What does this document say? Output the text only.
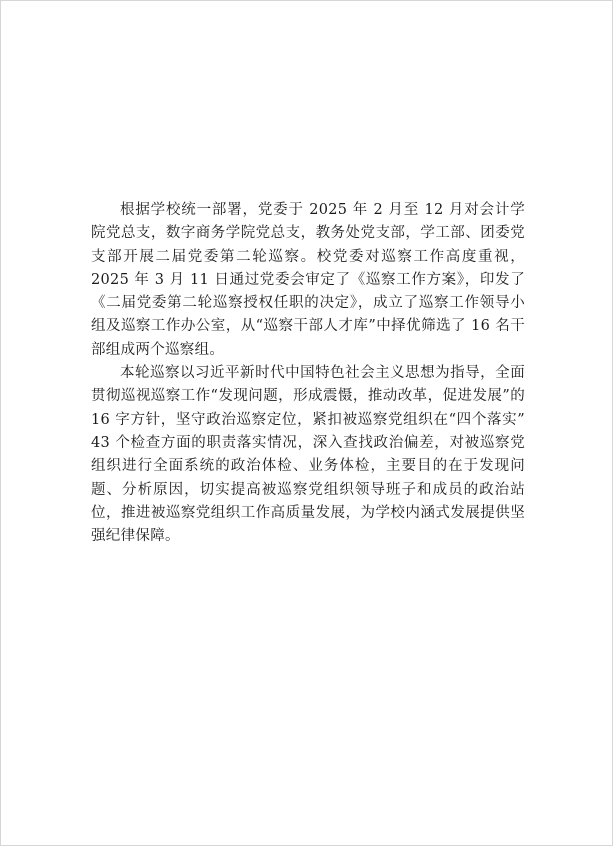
根据学校统一部署，党委于 2025 年 2 月至 12 月对会计学院党总支，数字商务学院党总支，教务处党支部，学工部、团委党支部开展二届党委第二轮巡察。校党委对巡察工作高度重视，2025 年 3 月 11 日通过党委会审定了《巡察工作方案》，印发了《二届党委第二轮巡察授权任职的决定》，成立了巡察工作领导小组及巡察工作办公室，从“巡察干部人才库”中择优筛选了 16 名干部组成两个巡察组。

本轮巡察以习近平新时代中国特色社会主义思想为指导，全面贯彻巡视巡察工作“发现问题，形成震慑，推动改革，促进发展”的 16 字方针，坚守政治巡察定位，紧扣被巡察党组织在“四个落实” 43 个检查方面的职责落实情况，深入查找政治偏差，对被巡察党组织进行全面系统的政治体检、业务体检，主要目的在于发现问题、分析原因，切实提高被巡察党组织领导班子和成员的政治站位，推进被巡察党组织工作高质量发展，为学校内涵式发展提供坚强纪律保障。
